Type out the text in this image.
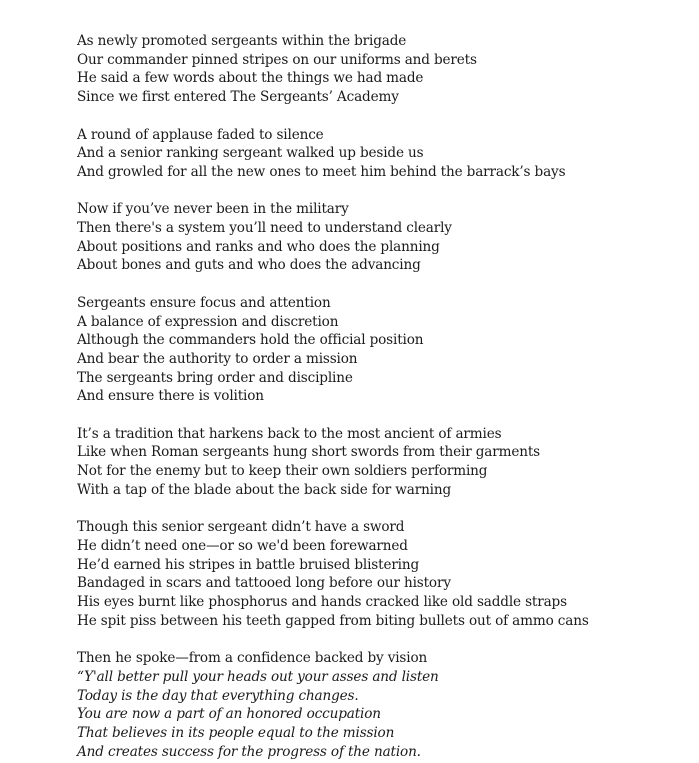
As newly promoted sergeants within the brigade
Our commander pinned stripes on our uniforms and berets
He said a few words about the things we had made
Since we first entered The Sergeants’ Academy
A round of applause faded to silence
And a senior ranking sergeant walked up beside us
And growled for all the new ones to meet him behind the barrack’s bays
Now if you’ve never been in the military
Then there's a system you’ll need to understand clearly
About positions and ranks and who does the planning
About bones and guts and who does the advancing
Sergeants ensure focus and attention
A balance of expression and discretion
Although the commanders hold the official position
And bear the authority to order a mission
The sergeants bring order and discipline
And ensure there is volition
It’s a tradition that harkens back to the most ancient of armies
Like when Roman sergeants hung short swords from their garments
Not for the enemy but to keep their own soldiers performing
With a tap of the blade about the back side for warning
Though this senior sergeant didn’t have a sword
He didn’t need one—or so we'd been forewarned
He’d earned his stripes in battle bruised blistering
Bandaged in scars and tattooed long before our history
His eyes burnt like phosphorus and hands cracked like old saddle straps
He spit piss between his teeth gapped from biting bullets out of ammo cans
Then he spoke—from a confidence backed by vision
“Y'all better pull your heads out your asses and listen
Today is the day that everything changes.
You are now a part of an honored occupation
That believes in its people equal to the mission
And creates success for the progress of the nation.
